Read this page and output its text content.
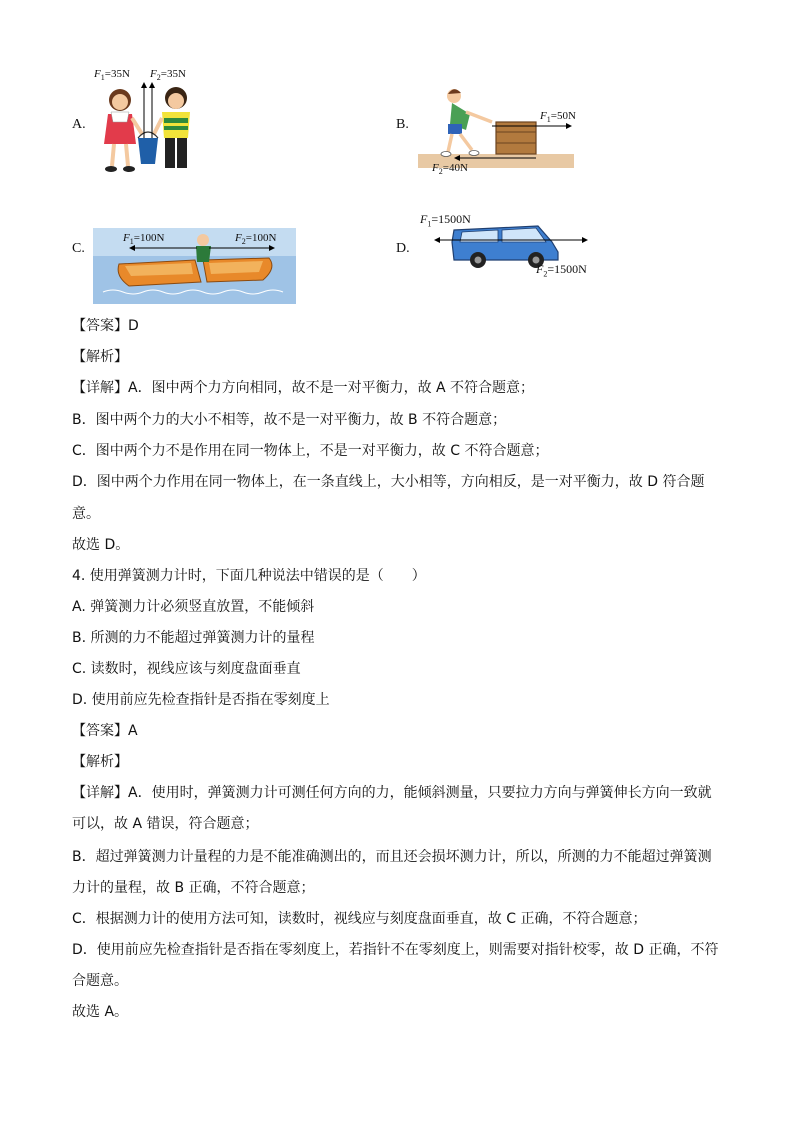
A.
$F_1=35N$ $F_2=35N$
B.
$F_1=50N$
$F_2=40N$
C.
$F_1=100N$	$F_2=100N$
D.
$F_1=1500N$
$F_2=1500N$
【答案】D
【解析】
【详解】A．图中两个力方向相同，故不是一对平衡力，故 A 不符合题意；
B．图中两个力的大小不相等，故不是一对平衡力，故 B 不符合题意；
C．图中两个力不是作用在同一物体上，不是一对平衡力，故 C 不符合题意；
D．图中两个力作用在同一物体上，在一条直线上，大小相等，方向相反，是一对平衡力，故 D 符合题
意。
故选 D。
4. 使用弹簧测力计时，下面几种说法中错误的是（　　）
A. 弹簧测力计必须竖直放置，不能倾斜
B. 所测的力不能超过弹簧测力计的量程
C. 读数时，视线应该与刻度盘面垂直
D. 使用前应先检查指针是否指在零刻度上
【答案】A
【解析】
【详解】A．使用时，弹簧测力计可测任何方向的力，能倾斜测量，只要拉力方向与弹簧伸长方向一致就
可以，故 A 错误，符合题意；
B．超过弹簧测力计量程的力是不能准确测出的，而且还会损坏测力计，所以，所测的力不能超过弹簧测
力计的量程，故 B 正确，不符合题意；
C．根据测力计的使用方法可知，读数时，视线应与刻度盘面垂直，故 C 正确，不符合题意；
D．使用前应先检查指针是否指在零刻度上，若指针不在零刻度上，则需要对指针校零，故 D 正确，不符
合题意。
故选 A。
